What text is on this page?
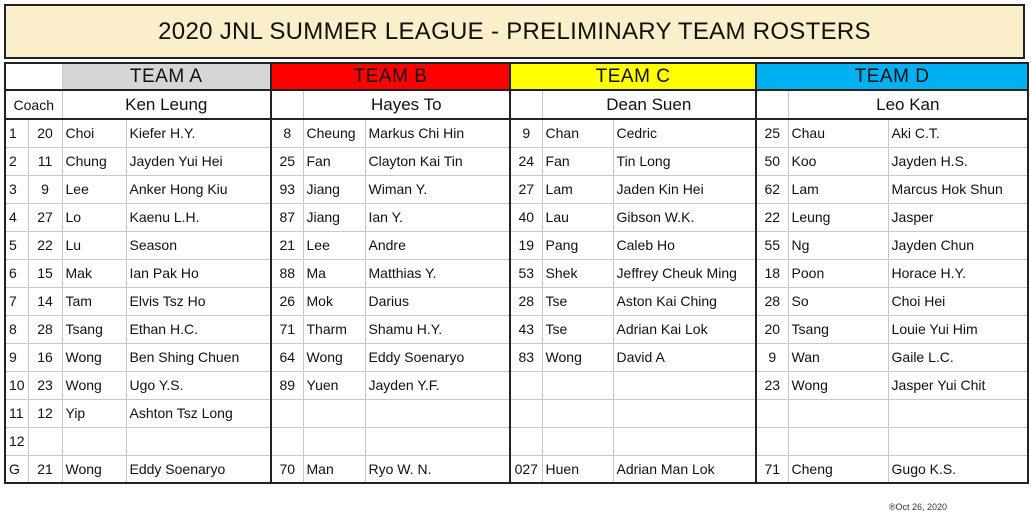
2020 JNL SUMMER LEAGUE - PRELIMINARY TEAM ROSTERS
		TEAM A		TEAM B			TEAM C			TEAM D		
Coach		Ken Leung			Hayes To			Dean Suen			Leo Kan	
1	20	Choi	Kiefer H.Y.	8	Cheung	Markus Chi Hin	9	Chan	Cedric	25	Chau	Aki C.T.
2	11	Chung	Jayden Yui Hei	25	Fan	Clayton Kai Tin	24	Fan	Tin Long	50	Koo	Jayden H.S.
3	9	Lee	Anker Hong Kiu	93	Jiang	Wiman Y.	27	Lam	Jaden Kin Hei	62	Lam	Marcus Hok Shun
4	27	Lo	Kaenu L.H.	87	Jiang	Ian Y.	40	Lau	Gibson W.K.	22	Leung	Jasper
5	22	Lu	Season	21	Lee	Andre	19	Pang	Caleb Ho	55	Ng	Jayden Chun
6	15	Mak	Ian Pak Ho	88	Ma	Matthias Y.	53	Shek	Jeffrey Cheuk Ming	18	Poon	Horace H.Y.
7	14	Tam	Elvis Tsz Ho	26	Mok	Darius	28	Tse	Aston Kai Ching	28	So	Choi Hei
8	28	Tsang	Ethan H.C.	71	Tharm	Shamu H.Y.	43	Tse	Adrian Kai Lok	20	Tsang	Louie Yui Him
9	16	Wong	Ben Shing Chuen	64	Wong	Eddy Soenaryo	83	Wong	David A	9	Wan	Gaile L.C.
10	23	Wong	Ugo Y.S.	89	Yuen	Jayden Y.F.				23	Wong	Jasper Yui Chit
11	12	Yip	Ashton Tsz Long									
12												
G	21	Wong	Eddy Soenaryo	70	Man	Ryo W. N.	027	Huen	Adrian Man Lok	71	Cheng	Gugo K.S.
®Oct 26, 2020
